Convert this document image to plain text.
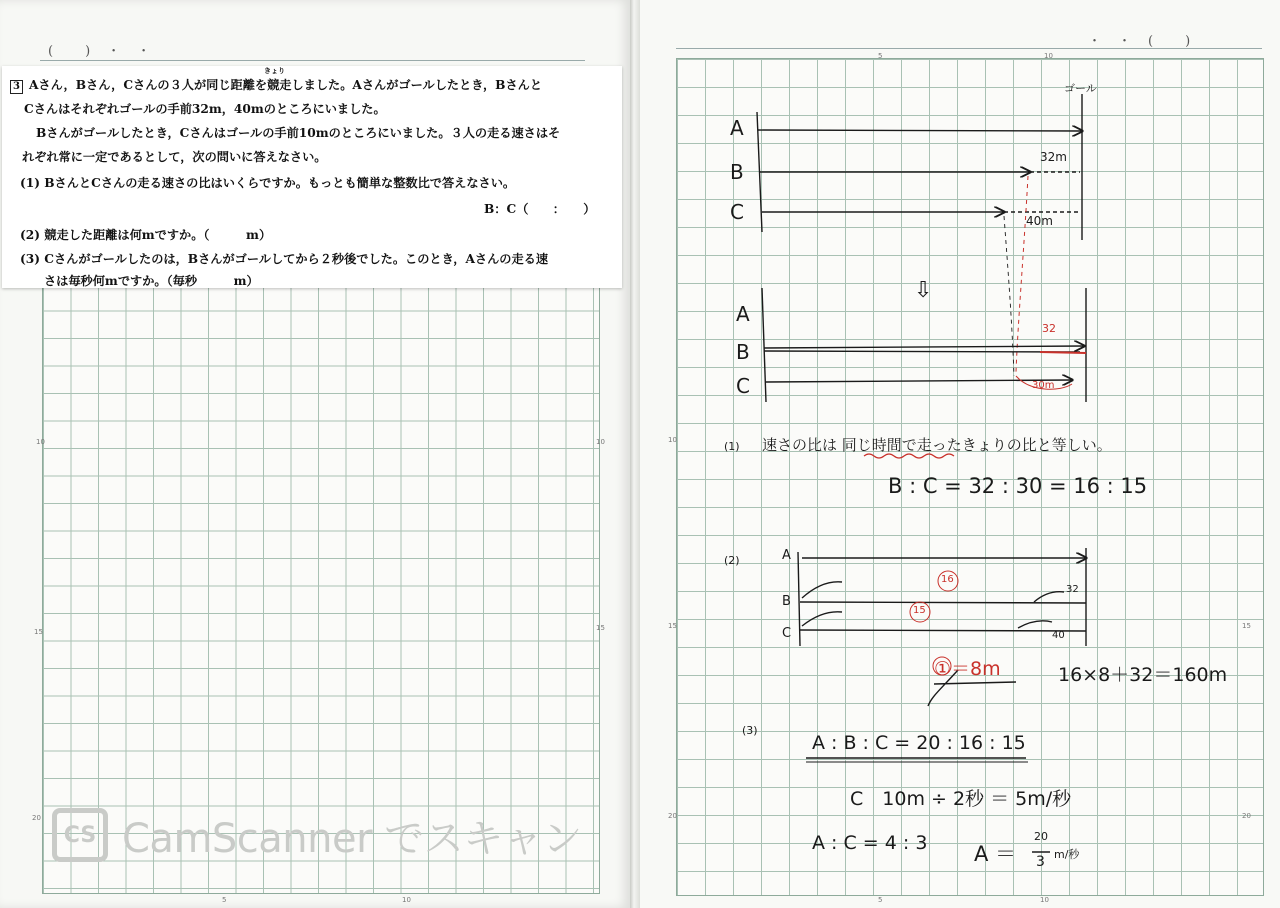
(　　)　・　・
10	10
15	15
20
5	10
きょり
3 Aさん，Bさん，Cさんの３人が同じ距離を競走しました。Aさんがゴールしたとき，Bさんと
Cさんはそれぞれゴールの手前32m，40mのところにいました。
Bさんがゴールしたとき，Cさんはゴールの手前10mのところにいました。３人の走る速さはそ
れぞれ常に一定であるとして，次の問いに答えなさい。
(1) BさんとCさんの走る速さの比はいくらですか。もっとも簡単な整数比で答えなさい。
B：C（　　：　　）
(2) 競走した距離は何mですか。（　　　m）
(3) Cさんがゴールしたのは，Bさんがゴールしてから２秒後でした。このとき，Aさんの走る速
さは毎秒何mですか。（毎秒　　　m）
CS CamScanner でスキャン
・　・　(　　)
5	10
10
15	15
20	20
5	10
A
B
C
ゴール
32m
40m
⇩
A
B
C
32
30m
(1) 速さの比は 同じ時間で走ったきょりの比と等しい。
B : C = 32 : 30 = 16 : 15
(2)	A
B
C
16
15
32
40
①＝8m	16×8＋32＝160m
(3)
A : B : C = 20 : 16 : 15
C　10m ÷ 2秒 ＝ 5m/秒
A : C = 4 : 3 A ＝
20
3 m/秒
